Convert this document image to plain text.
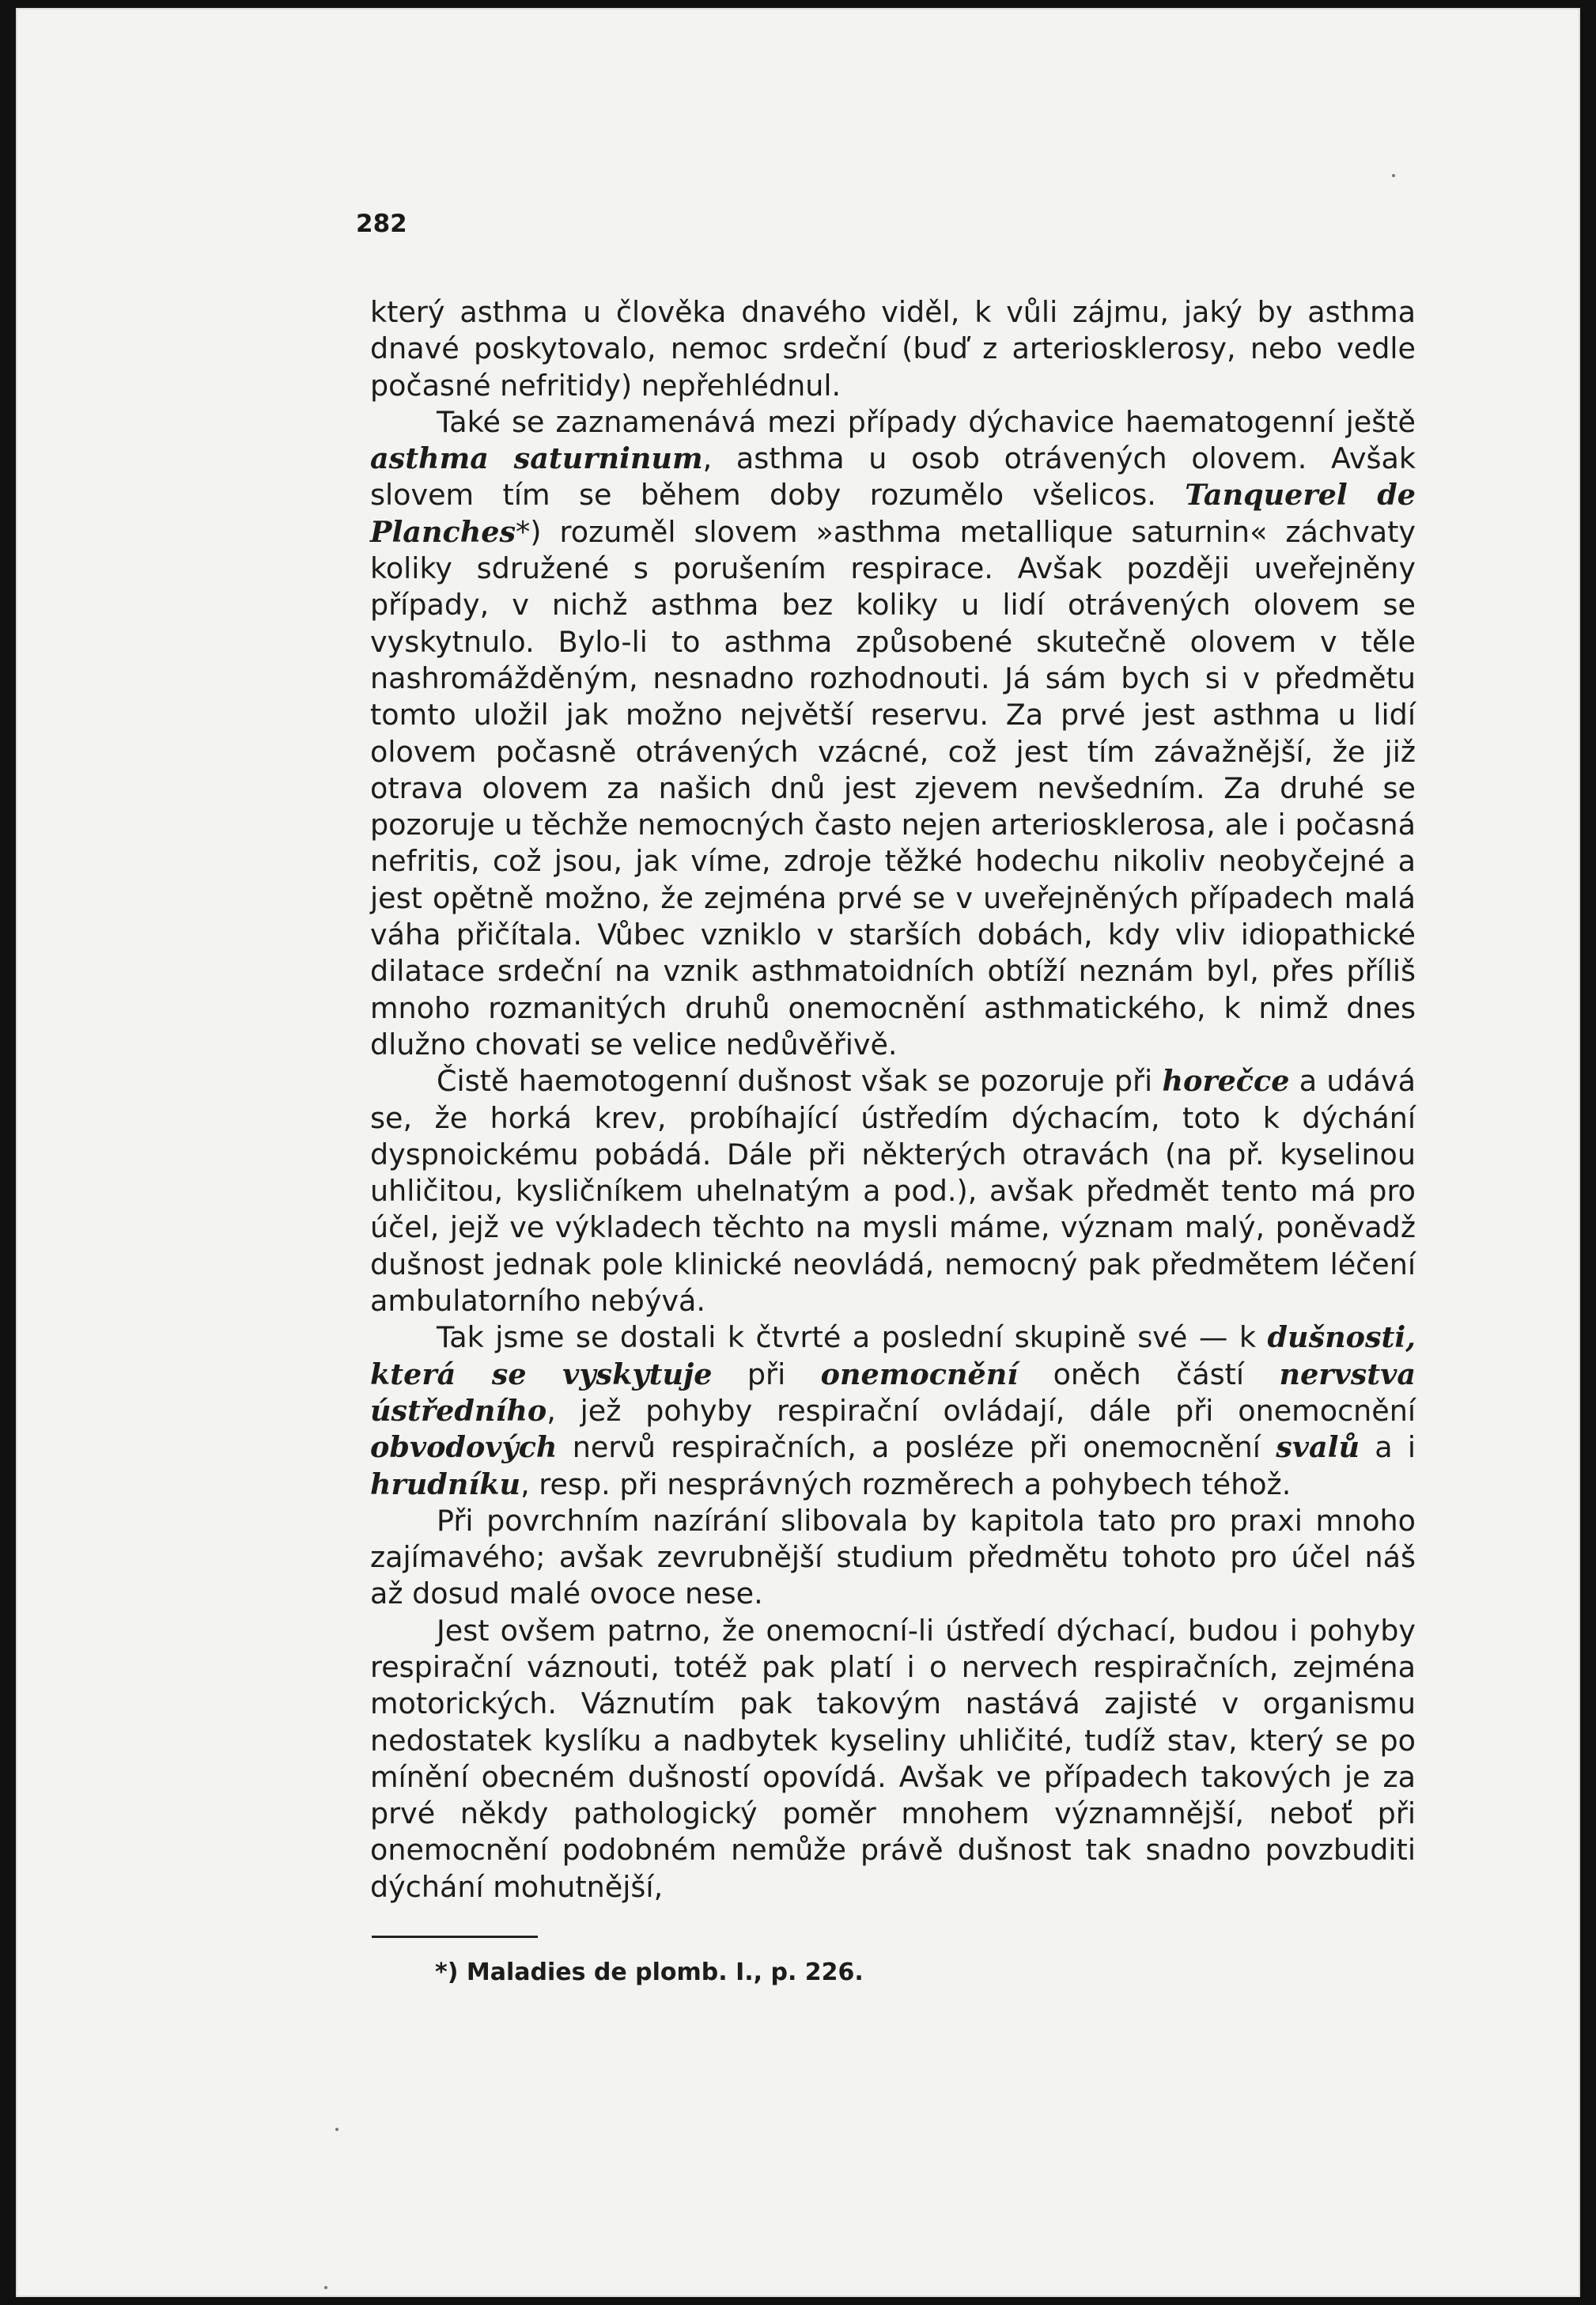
282

který asthma u člověka dnavého viděl, k vůli zájmu, jaký by asthma dnavé poskytovalo, nemoc srdeční (buď z arteriosklerosy, nebo vedle počasné nefritidy) nepřehlédnul.

Také se zaznamenává mezi případy dýchavice haematogenní ještě asthma saturninum, asthma u osob otrávených olovem. Avšak slovem tím se během doby rozumělo všelicos. Tanquerel de Planches*) rozuměl slovem »asthma metallique saturnin« záchvaty koliky sdružené s porušením respirace. Avšak později uveřejněny případy, v nichž asthma bez koliky u lidí otrávených olovem se vyskytnulo. Bylo-li to asthma způsobené skutečně olovem v těle nashromážděným, nesnadno rozhodnouti. Já sám bych si v předmětu tomto uložil jak možno největší reservu. Za prvé jest asthma u lidí olovem počasně otrávených vzácné, což jest tím závažnější, že již otrava olovem za našich dnů jest zjevem nevšedním. Za druhé se pozoruje u těchže nemocných často nejen arteriosklerosa, ale i počasná nefritis, což jsou, jak víme, zdroje těžké hodechu nikoliv neobyčejné a jest opětně možno, že zejména prvé se v uveřejněných případech malá váha přičítala. Vůbec vzniklo v starších dobách, kdy vliv idiopathické dilatace srdeční na vznik asthmatoidních obtíží neznám byl, přes příliš mnoho rozmanitých druhů onemocnění asthmatického, k nimž dnes dlužno chovati se velice nedůvěřivě.

Čistě haemotogenní dušnost však se pozoruje při horečce a udává se, že horká krev, probíhající ústředím dýchacím, toto k dýchání dyspnoickému pobádá. Dále při některých otravách (na př. kyselinou uhličitou, kysličníkem uhelnatým a pod.), avšak předmět tento má pro účel, jejž ve výkladech těchto na mysli máme, význam malý, poněvadž dušnost jednak pole klinické neovládá, nemocný pak předmětem léčení ambulatorního nebývá.

Tak jsme se dostali k čtvrté a poslední skupině své — k dušnosti, která se vyskytuje při onemocnění oněch částí nervstva ústředního, jež pohyby respirační ovládají, dále při onemocnění obvodových nervů respiračních, a posléze při onemocnění svalů a i hrudníku, resp. při nesprávných rozměrech a pohybech téhož.

Při povrchním nazírání slibovala by kapitola tato pro praxi mnoho zajímavého; avšak zevrubnější studium předmětu tohoto pro účel náš až dosud malé ovoce nese.

Jest ovšem patrno, že onemocní-li ústředí dýchací, budou i pohyby respirační váznouti, totéž pak platí i o nervech respiračních, zejména motorických. Váznutím pak takovým nastává zajisté v organismu nedostatek kyslíku a nadbytek kyseliny uhličité, tudíž stav, který se po mínění obecném dušností opovídá. Avšak ve případech takových je za prvé někdy pathologický poměr mnohem významnější, neboť při onemocnění podobném nemůže právě dušnost tak snadno povzbuditi dýchání mohutnější,

*) Maladies de plomb. I., p. 226.
